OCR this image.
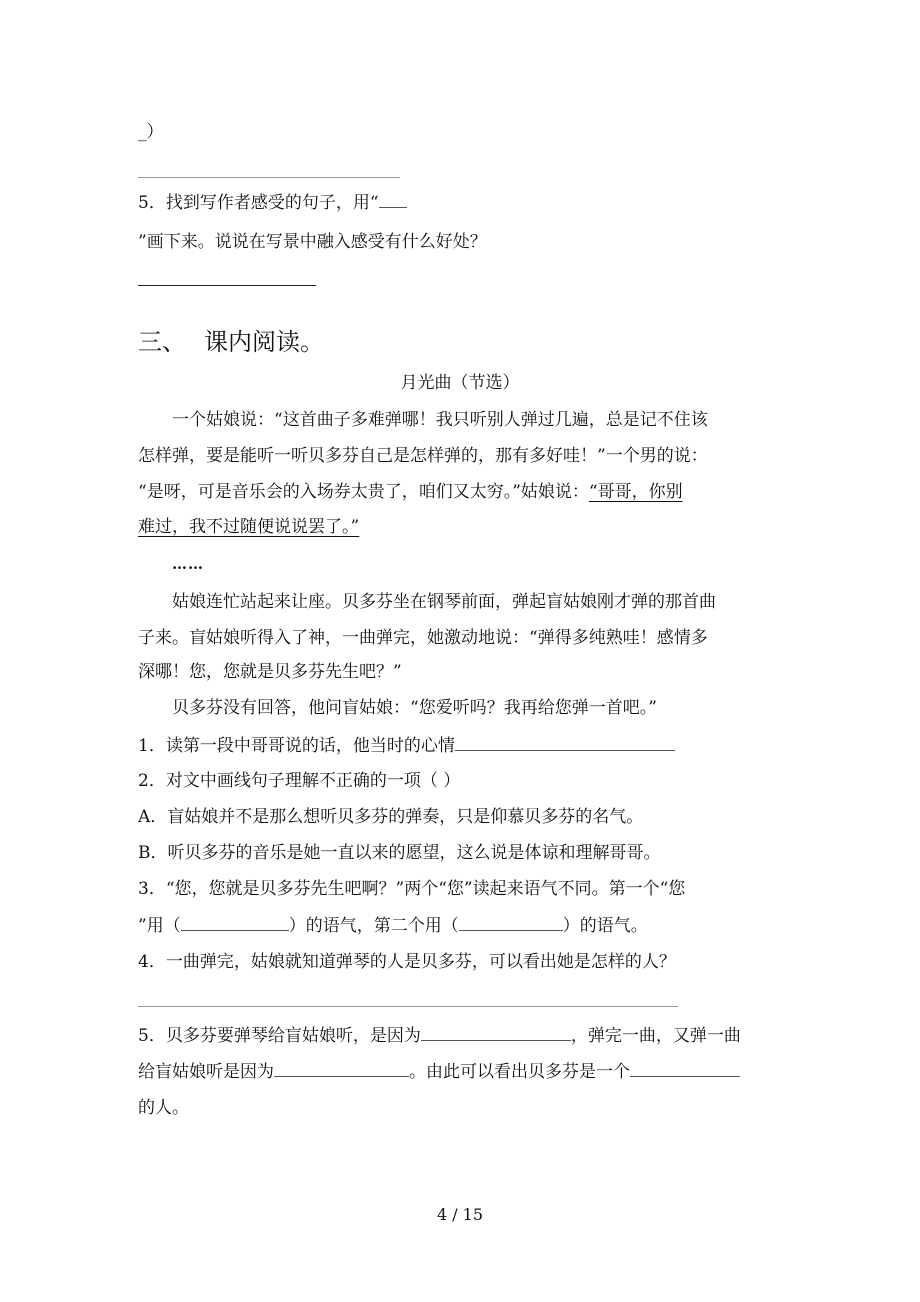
_）
5．找到写作者感受的句子，用“
”画下来。说说在写景中融入感受有什么好处？
三、 课内阅读。
月光曲（节选）
一个姑娘说：“这首曲子多难弹哪！我只听别人弹过几遍，总是记不住该
怎样弹，要是能听一听贝多芬自己是怎样弹的，那有多好哇！”一个男的说：
“是呀，可是音乐会的入场券太贵了，咱们又太穷。”姑娘说：“哥哥，你别
难过，我不过随便说说罢了。”
……
姑娘连忙站起来让座。贝多芬坐在钢琴前面，弹起盲姑娘刚才弹的那首曲
子来。盲姑娘听得入了神，一曲弹完，她激动地说：“弹得多纯熟哇！感情多
深哪！您，您就是贝多芬先生吧？”
贝多芬没有回答，他问盲姑娘：“您爱听吗？我再给您弹一首吧。”
1．读第一段中哥哥说的话，他当时的心情
2．对文中画线句子理解不正确的一项（ ）
A．盲姑娘并不是那么想听贝多芬的弹奏，只是仰慕贝多芬的名气。
B．听贝多芬的音乐是她一直以来的愿望，这么说是体谅和理解哥哥。
3．“您，您就是贝多芬先生吧啊？”两个“您”读起来语气不同。第一个“您
”用（	）的语气，第二个用（	）的语气。
4．一曲弹完，姑娘就知道弹琴的人是贝多芬，可以看出她是怎样的人？
5．贝多芬要弹琴给盲姑娘听，是因为	，弹完一曲，又弹一曲
给盲姑娘听是因为	。由此可以看出贝多芬是一个
的人。
4 / 15
